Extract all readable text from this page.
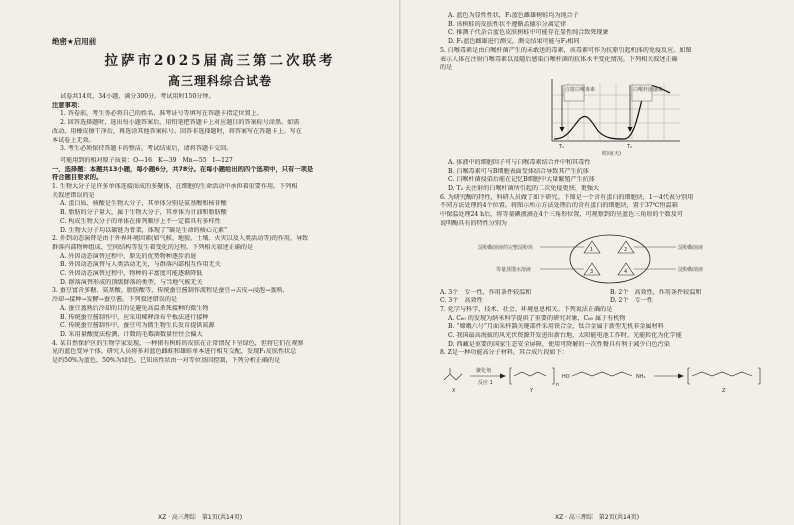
绝密★启用前

拉萨市2025届高三第二次联考

高三理科综合试卷

试卷共14页，34小题，满分300分。考试用时150分钟。

注意事项：

1. 答卷前，考生务必将自己的姓名、准考证号等填写在答题卡指定位置上。

2. 回答选择题时，选出每小题答案后，用铅笔把答题卡上对应题目的答案标号涂黑。如需

改动，用橡皮擦干净后，再选涂其他答案标号。回答非选择题时，将答案写在答题卡上。写在

本试卷上无效。

3. 考生必须保持答题卡的整洁。考试结束后，请将答题卡交回。

可能用到的相对原子质量：O—16　K—39　Mn—55　I—127

一、选择题：本题共13小题，每小题6分，共78分。在每小题给出的四个选项中，只有一项是

符合题目要求的。

1. 生物大分子是许多单体连接而成的多聚体，在细胞的生命活动中承担着重要作用。下列相

关叙述错误的是

A. 蛋白质、核酸是生物大分子，其单体分别是氨基酸和核苷酸

B. 脂肪的分子量大，属于生物大分子，其单体为甘油和脂肪酸

C. 构成生物大分子的单体在排列顺序上不一定都具有多样性

D. 生物大分子均以碳链为骨架，体现了“碳是生命的核心元素”

2. 外到动态演替是由于外界环境因素(如气候、地貌、土壤、火灾以及人类活动等)的作用，导致

群落内部物种组成、空间结构等发生着变化的过程。下列相关叙述正确的是

A. 外因动态演替过程中，原先的优势物种逐步消退

B. 外因动态演替与人类活动无关，与群落内部相互作用无关

C. 外因动态演替过程中，物种的丰富度可能逐渐降低

D. 群落演替形成的顶级群落的类型，与当地气候无关

3. 蚕豆富含多糖、氨基酸、脂肪酸等，传统蚕豆酱制作流程是蚕豆→去皮→浸泡→蒸熟、

冷却→接种→发酵→蚕豆酱。下列叙述错误的是

A. 蚕豆蒸熟后冷却的目的是避免高温杀死接种的微生物

B. 传统蚕豆酱制作中，应采用稀释涂布平板法进行接种

C. 传统蚕豆酱制作中，蚕豆可为微生物生长发育提供氮源

D. 采用量酸度法检测，计数的毛霉菌数量往往会偏大

4. 某自然保护区的生物学家发现，一种猪有树蛙的皮肤在正常情况下呈绿色，但将它们在观察

见的蓝色变异个体。研究人员将多对蓝色雌蛙和雄蛙单本进行相互交配，发现F₁皮肤性状总

是约50%为蓝色，50%为绿色。已知该性状由一对等位基因控制，下列分析正确的是

XZ · 高三理综　第1页(共14页)

A. 蓝色为显性性状，F₁蓝色雌雄树蛙均为纯合子

B. 该树蛙的皮肤性状不遵循孟德尔分离定律

C. 推测子代杂合蓝色皮肤树蛙中可能存在显性纯合致死现象

D. F₁蓝色雌雄进行测交，测交结果可能与F₁相同

5. 白喉毒素是由白喉杆菌产生的未敢送的毒素，该毒素可作为抗原引起机体的免疫反应。如图

表示人体在注射白喉毒素以及随后感染白喉杆菌的抗体水平变化情况。下列相关叙述正确

的是

注射白喉毒素	白喉杆菌感染
T₁	T₂
时间(天)

A. 体液中的细胞因子可与白喉毒素结合并中和其毒性

B. 白喉毒素可与B细胞表面受体结合导致其产生抗体

C. 白喉杆菌侵染后能在记忆B细胞中大量繁殖产生抗体

D. T₂ 天注射的白喉杆菌所引起的二次免疫更快、更强大

6. 为研究酶的特性，科研人员做了如下研究。下图是一个含有蛋白的细胞块，1～4代表分别用

不同方法处理的4个位置。将图示所示方法处理后的含有蛋白的细胞块，置于37℃恒温箱

中保温处理24 h后，将等量碘液滴在4个三角形位置，可观察到的呈蓝色三角形的个数及可

说明酶具有的特性分别为

1	2
3	4
淀粉酶溶液的完整淀粉块
等量蒸馏水溶液
淀粉酶溶液
淀粉酶溶液
A. 3个　专一性，作用条件较温和	B. 2个　高效性，作用条件较温和
C. 3个　高效性	D. 2个　专一性

7. 化学与科学、技术、社会、环境息息相关。下列说法正确的是

A. C₆₀ 的发现为纳米科学提供了重要的研究对象，C₆₀ 属于有机物

B. “嫦娥六号”月面采样器关键部件采用铁合金，钛合金属于新型无机非金属材料

C. 我国最高海拔的风光伏资源开发进出新台地，太阳能电池工作时，光能转化为化学能

D. 西藏是重要的国家生态安全屏障，使用可降解的一次性餐具有利于减少白色污染

8. Z是一种功能高分子材料，其合成片段如下：

聚化剂
反应 1	n
HO	NH₂
X	Y	Z

XZ · 高三理综　第2页(共14页)
